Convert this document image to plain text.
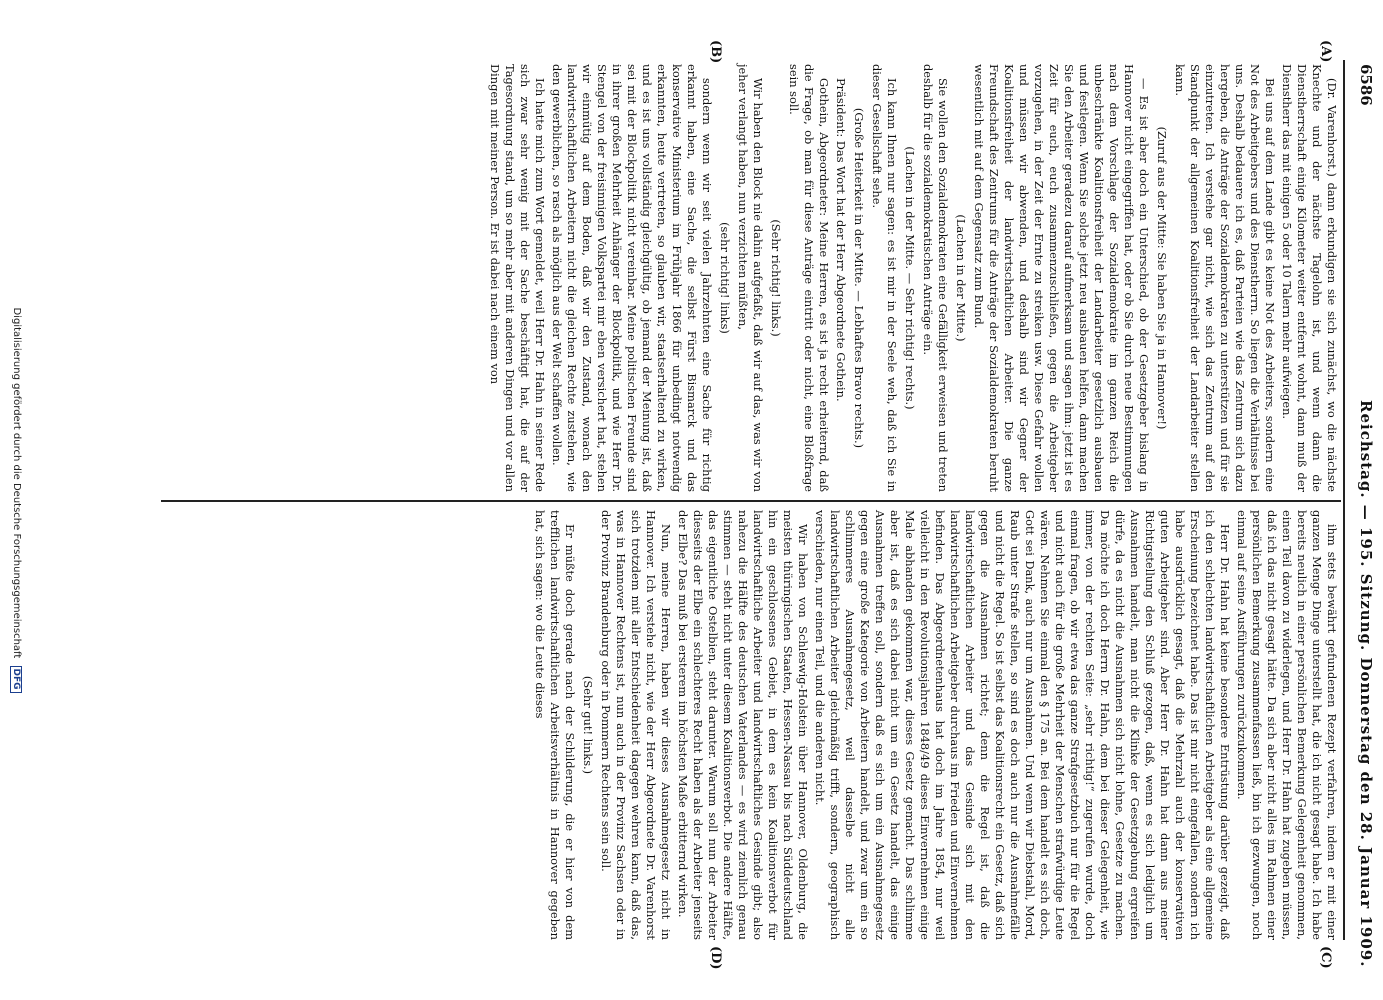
6586
Reichstag. — 195. Sitzung. Donnerstag den 28. Januar 1909.
(A)
(B)
(C)
(D)

(Dr. Varenhorst.) dann erkundigen sie sich zunächst, wo die nächste Knechte und der nächste Tagelohn ist, und wenn dann die Dienstherrschaft einige Kilometer weiter entfernt wohnt, dann muß der Dienstherr das mit einigen 5 oder 10 Talern mehr aufwiegen.

Bei uns auf dem Lande gibt es keine Not des Arbeiters, sondern eine Not des Arbeitgebers und des Dienstherrn. So liegen die Verhältnisse bei uns. Deshalb bedauere ich es, daß Parteien wie das Zentrum sich dazu hergeben, die Anträge der Sozialdemokraten zu unterstützen und für sie einzutreten. Ich verstehe gar nicht, wie sich das Zentrum auf den Standpunkt der allgemeinen Koalitionsfreiheit der Landarbeiter stellen kann.

(Zuruf aus der Mitte: Sie haben Sie ja in Hannover!)

— Es ist aber doch ein Unterschied, ob der Gesetzgeber bislang in Hannover nicht eingegriffen hat, oder ob Sie durch neue Bestimmungen nach dem Vorschlage der Sozialdemokratie im ganzen Reich die unbeschränkte Koalitionsfreiheit der Landarbeiter gesetzlich ausbauen und festlegen. Wenn Sie solche jetzt neu ausbauen helfen, dann machen Sie den Arbeiter geradezu darauf aufmerksam und sagen ihm: jetzt ist es Zeit für euch, euch zusammenzuschließen, gegen die Arbeitgeber vorzugehen, in der Zeit der Ernte zu streiken usw. Diese Gefahr wollen und müssen wir abwenden, und deshalb sind wir Gegner der Koalitionsfreiheit der landwirtschaftlichen Arbeiter. Die ganze Freundschaft des Zentrums für die Anträge der Sozialdemokraten beruht wesentlich mit auf dem Gegensatz zum Bund.

(Lachen in der Mitte.)

Sie wollen den Sozialdemokraten eine Gefälligkeit erweisen und treten deshalb für die sozialdemokratischen Anträge ein.

(Lachen in der Mitte. — Sehr richtig! rechts.)

Ich kann Ihnen nur sagen: es ist mir in der Seele weh, daß ich Sie in dieser Gesellschaft sehe.

(Große Heiterkeit in der Mitte. — Lebhaftes Bravo rechts.)

Präsident: Das Wort hat der Herr Abgeordnete Gothein.

Gothein, Abgeordneter: Meine Herren, es ist ja recht erheiternd, daß die Frage, ob man für diese Anträge eintritt oder nicht, eine Bloßfrage sein soll.

(Sehr richtig! links.)

Wir haben den Block nie dahin aufgefaßt, daß wir auf das, was wir von jeher verlangt haben, nun verzichten müßten,

(sehr richtig! links)

sondern wenn wir seit vielen Jahrzehnten eine Sache für richtig erkannt haben, eine Sache, die selbst Fürst Bismarck und das konservative Ministerium im Frühjahr 1866 für unbedingt notwendig erkannten, heute vertreten, so glauben wir, staatserhaltend zu wirken, und es ist uns vollständig gleichgültig, ob jemand der Meinung ist, daß sei mit der Blockpolitik nicht vereinbar. Meine politischen Freunde sind in ihrer großen Mehrheit Anhänger der Blockpolitik, und wie Herr Dr. Stengel von der freisinnigen Volkspartei mir eben versichert hat, stehen wir einmütig auf dem Boden, daß wir den Zustand, wonach den landwirtschaftlichen Arbeitern nicht die gleichen Rechte zustehen, wie den gewerblichen, so rasch als möglich aus der Welt schaffen wollen.

Ich hatte mich zum Wort gemeldet, weil Herr Dr. Hahn in seiner Rede sich zwar sehr wenig mit der Sache beschäftigt hat, die auf der Tagesordnung stand, um so mehr aber mit anderen Dingen und vor allen Dingen mit meiner Person. Er ist dabei nach einem von

ihm stets bewährt gefundenen Rezept verfahren, indem er mit einer ganzen Menge Dinge unterstellt hat, die ich nicht gesagt habe. Ich habe bereits neulich in einer persönlichen Bemerkung Gelegenheit genommen, einen Teil davon zu widerlegen, und Herr Dr. Hahn hat zugeben müssen, daß ich das nicht gesagt hätte. Da sich aber nicht alles im Rahmen einer persönlichen Bemerkung zusammenfassen ließ, bin ich gezwungen, noch einmal auf seine Ausführungen zurückzukommen.

Herr Dr. Hahn hat keine besondere Entrüstung darüber gezeigt, daß ich den schlechten landwirtschaftlichen Arbeitgeber als eine allgemeine Erscheinung bezeichnet habe. Das ist mir nicht eingefallen, sondern ich habe ausdrücklich gesagt, daß die Mehrzahl auch der konservativen guten Arbeitgeber sind. Aber Herr Dr. Hahn hat dann aus meiner Richtigstellung den Schluß gezogen, daß, wenn es sich lediglich um Ausnahmen handelt, man nicht die Klinke der Gesetzgebung ergreifen dürfe, da es nicht die Ausnahmen sich nicht lohne, Gesetze zu machen. Da möchte ich doch Herrn Dr. Hahn, dem bei dieser Gelegenheit, wie immer, von der rechten Seite: „sehr richtig!“ zugerufen wurde, doch einmal fragen, ob wir etwa das ganze Strafgesetzbuch nur für die Regel und nicht auch für die große Mehrheit der Menschen strafwürdige Leute wären. Nehmen Sie einmal den § 175 an. Bei dem handelt es sich doch, Gott sei Dank, auch nur um Ausnahmen. Und wenn wir Diebstahl, Mord, Raub unter Strafe stellen, so sind es doch auch nur die Ausnahmefälle und nicht die Regel. So ist selbst das Koalitionsrecht ein Gesetz, daß sich gegen die Ausnahmen richtet; denn die Regel ist, daß die landwirtschaftlichen Arbeiter und das Gesinde sich mit den landwirtschaftlichen Arbeitgeber durchaus im Frieden und Einvernehmen befinden. Das Abgeordnetenhaus hat doch im Jahre 1854, nur weil vielleicht in den Revolutionsjahren 1848/49 dieses Einvernehmen einige Male abhanden gekommen war, dieses Gesetz gemacht. Das schlimme aber ist, daß es sich dabei nicht um ein Gesetz handelt, das einige Ausnahmen treffen soll, sondern daß es sich um ein Ausnahmegesetz gegen eine große Kategorie von Arbeitern handelt, und zwar um ein so schlimmeres Ausnahmegesetz, weil dasselbe nicht alle landwirtschaftlichen Arbeiter gleichmäßig trifft, sondern, geographisch verschieden, nur einen Teil, und die anderen nicht.

Wir haben von Schleswig-Holstein über Hannover, Oldenburg, die meisten thüringischen Staaten, Hessen-Nassau bis nach Süddeutschland hin ein geschlossenes Gebiet, in dem es kein Koalitionsverbot für landwirtschaftliche Arbeiter und landwirtschaftliches Gesinde gibt; also nahezu die Hälfte des deutschen Vaterlandes — es wird ziemlich genau stimmen — steht nicht unter diesem Koalitionsverbot. Die andere Hälfte, das eigentliche Ostelbien, steht darunter. Warum soll nun der Arbeiter diesseits der Elbe ein schlechteres Recht haben als der Arbeiter jenseits der Elbe? Das muß bei ersterem im höchsten Maße erbitternd wirken.

Nun, meine Herren, haben wir dieses Ausnahmegesetz nicht in Hannover. Ich verstehe nicht, wie der Herr Abgeordnete Dr. Varenhorst sich trotzdem mit aller Entschiedenheit dagegen wehren kann, daß das, was in Hannover Rechtens ist, nun auch in der Provinz Sachsen oder in der Provinz Brandenburg oder in Pommern Rechtens sein soll.

(Sehr gut! links.)

Er müßte doch gerade nach der Schilderung, die er hier von dem trefflichen landwirtschaftlichen Arbeitsverhältnis in Hannover gegeben hat, sich sagen: wo die Leute dieses

Digitalisierung gefördert durch die Deutsche Forschungsgemeinschaft DFG
